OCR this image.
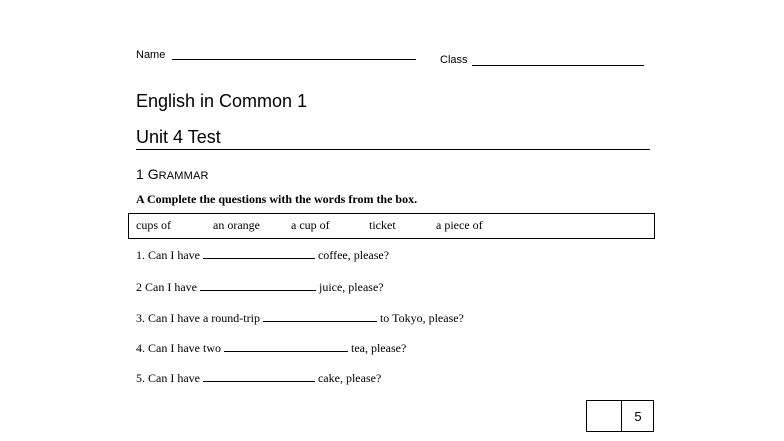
Name	Class
English in Common 1
Unit 4 Test
1 GRAMMAR
A Complete the questions with the words from the box.
cups of	an orange	a cup of	ticket	a piece of
1. Can I have	coffee, please?
2 Can I have	juice, please?
3. Can I have a round-trip	to Tokyo, please?
4. Can I have two	tea, please?
5. Can I have	cake, please?
5
